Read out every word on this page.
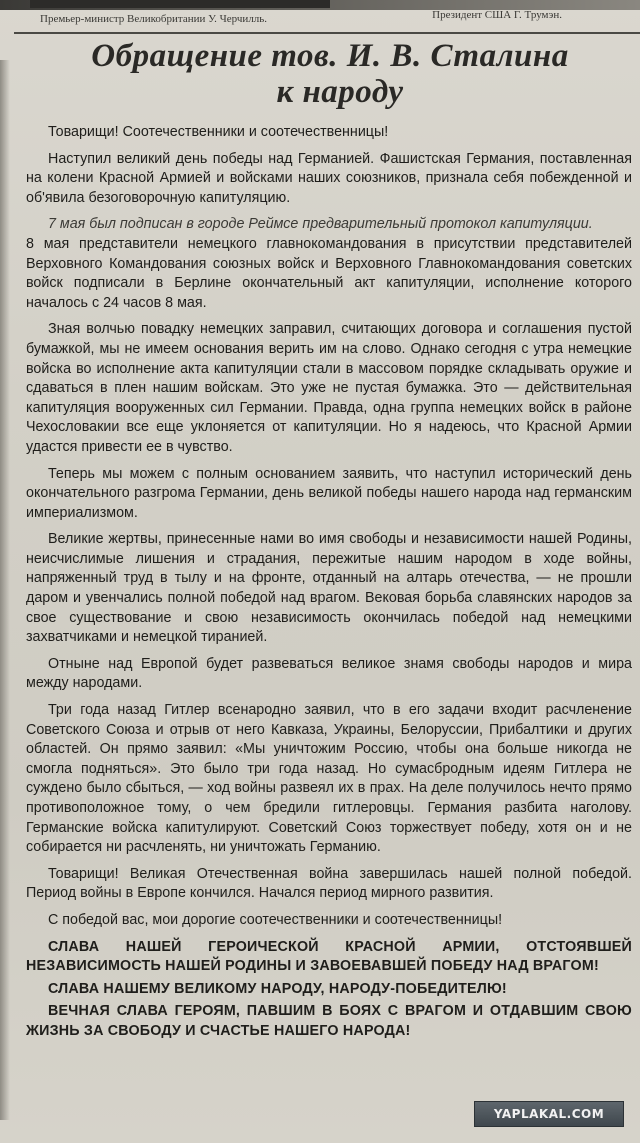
Премьер-министр Великобритании У. Черчилль.	Президент США Г. Трумэн.
Обращение тов. И. В. Сталина
к народу

Товарищи! Соотечественники и соотечественницы!

Наступил великий день победы над Германией. Фашистская Германия, поставленная на колени Красной Армией и войсками наших союзников, признала себя побежденной и об'явила безоговорочную капитуляцию.

7 мая был подписан в городе Реймсе предварительный протокол капитуляции.

8 мая представители немецкого главнокомандования в присутствии представителей Верховного Командования союзных войск и Верховного Главнокомандования советских войск подписали в Берлине окончательный акт капитуляции, исполнение которого началось с 24 часов 8 мая.

Зная волчью повадку немецких заправил, считающих договора и соглашения пустой бумажкой, мы не имеем основания верить им на слово. Однако сегодня с утра немецкие войска во исполнение акта капитуляции стали в массовом порядке складывать оружие и сдаваться в плен нашим войскам. Это уже не пустая бумажка. Это — действительная капитуляция вооруженных сил Германии. Правда, одна группа немецких войск в районе Чехословакии все еще уклоняется от капитуляции. Но я надеюсь, что Красной Армии удастся привести ее в чувство.

Теперь мы можем с полным основанием заявить, что наступил исторический день окончательного разгрома Германии, день великой победы нашего народа над германским империализмом.

Великие жертвы, принесенные нами во имя свободы и независимости нашей Родины, неисчислимые лишения и страдания, пережитые нашим народом в ходе войны, напряженный труд в тылу и на фронте, отданный на алтарь отечества, — не прошли даром и увенчались полной победой над врагом. Вековая борьба славянских народов за свое существование и свою независимость окончилась победой над немецкими захватчиками и немецкой тиранией.

Отныне над Европой будет развеваться великое знамя свободы народов и мира между народами.

Три года назад Гитлер всенародно заявил, что в его задачи входит расчленение Советского Союза и отрыв от него Кавказа, Украины, Белоруссии, Прибалтики и других областей. Он прямо заявил: «Мы уничтожим Россию, чтобы она больше никогда не смогла подняться». Это было три года назад. Но сумасбродным идеям Гитлера не суждено было сбыться, — ход войны развеял их в прах. На деле получилось нечто прямо противоположное тому, о чем бредили гитлеровцы. Германия разбита наголову. Германские войска капитулируют. Советский Союз торжествует победу, хотя он и не собирается ни расчленять, ни уничтожать Германию.

Товарищи! Великая Отечественная война завершилась нашей полной победой. Период войны в Европе кончился. Начался период мирного развития.

С победой вас, мои дорогие соотечественники и соотечественницы!

СЛАВА НАШЕЙ ГЕРОИЧЕСКОЙ КРАСНОЙ АРМИИ, ОТСТОЯВШЕЙ НЕЗАВИСИМОСТЬ НАШЕЙ РОДИНЫ И ЗАВОЕВАВШЕЙ ПОБЕДУ НАД ВРАГОМ!

СЛАВА НАШЕМУ ВЕЛИКОМУ НАРОДУ, НАРОДУ-ПОБЕДИТЕЛЮ!

ВЕЧНАЯ СЛАВА ГЕРОЯМ, ПАВШИМ В БОЯХ С ВРАГОМ И ОТДАВШИМ СВОЮ ЖИЗНЬ ЗА СВОБОДУ И СЧАСТЬЕ НАШЕГО НАРОДА!

YAPLAKAL.COM
